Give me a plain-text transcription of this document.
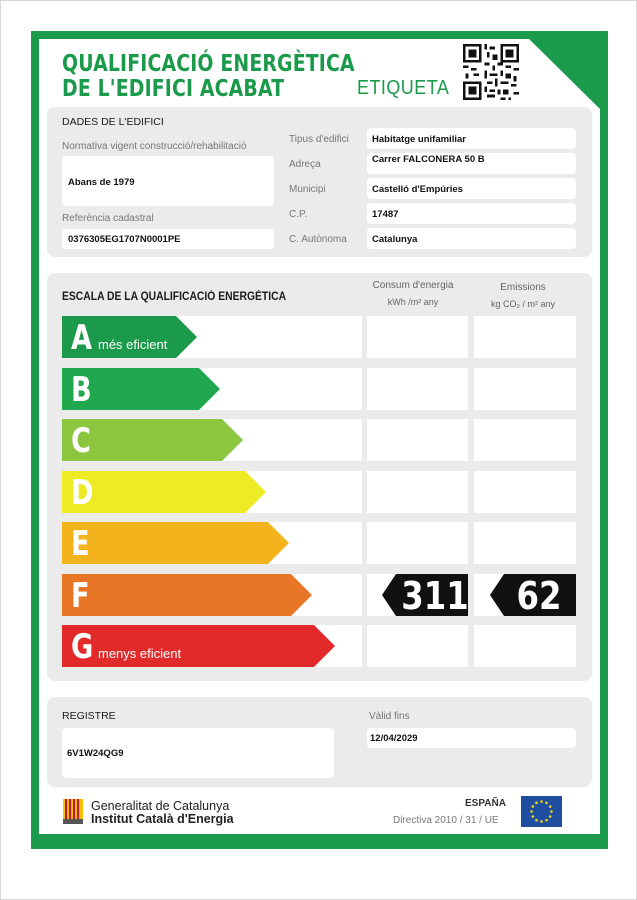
QUALIFICACIÓ ENERGÈTICA
DE L'EDIFICI ACABAT	ETIQUETA
DADES DE L'EDIFICI
Normativa vigent construcció/rehabilitació
Abans de 1979
Referència cadastral
0376305EG1707N0001PE
Tipus d'edifici Habitatge unifamiliar
Adreça	Carrer FALCONERA 50 B
Municipi	Castelló d'Empúries
C.P.	17487
C. Autònoma	Catalunya
ESCALA DE LA QUALIFICACIÓ ENERGÈTICA
Consum d'energia
kWh /m² any
Emissions
kg CO₂ / m² any
A més eficient
B
C
D
E
F	311 62
G menys eficient
REGISTRE
6V1W24QG9
Vàlid fins
12/04/2029
Generalitat de Catalunya
Institut Català d'Energia
ESPAÑA
Directiva 2010 / 31 / UE
